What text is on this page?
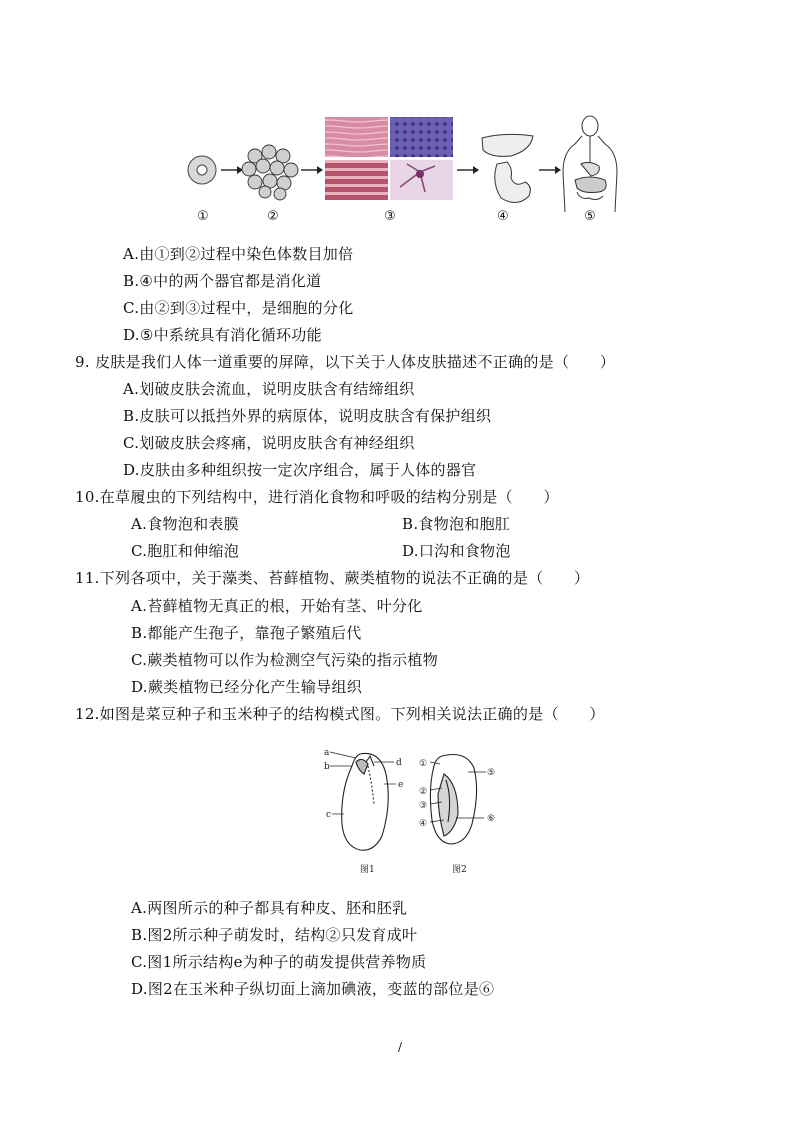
①	②	③	④	⑤
A.由①到②过程中染色体数目加倍
B.④中的两个器官都是消化道
C.由②到③过程中，是细胞的分化
D.⑤中系统具有消化循环功能
9. 皮肤是我们人体一道重要的屏障，以下关于人体皮肤描述不正确的是（　　）
A.划破皮肤会流血，说明皮肤含有结缔组织
B.皮肤可以抵挡外界的病原体，说明皮肤含有保护组织
C.划破皮肤会疼痛，说明皮肤含有神经组织
D.皮肤由多种组织按一定次序组合，属于人体的器官
10.在草履虫的下列结构中，进行消化食物和呼吸的结构分别是（　　）
A.食物泡和表膜	B.食物泡和胞肛
C.胞肛和伸缩泡	D.口沟和食物泡
11.下列各项中，关于藻类、苔藓植物、蕨类植物的说法不正确的是（　　）
A.苔藓植物无真正的根，开始有茎、叶分化
B.都能产生孢子，靠孢子繁殖后代
C.蕨类植物可以作为检测空气污染的指示植物
D.蕨类植物已经分化产生输导组织
12.如图是菜豆种子和玉米种子的结构模式图。下列相关说法正确的是（　　）
a
b
c
d
e
①
②
③
④
⑤
⑥
图1	图2
A.两图所示的种子都具有种皮、胚和胚乳
B.图2所示种子萌发时，结构②只发育成叶
C.图1所示结构e为种子的萌发提供营养物质
D.图2在玉米种子纵切面上滴加碘液，变蓝的部位是⑥
/
